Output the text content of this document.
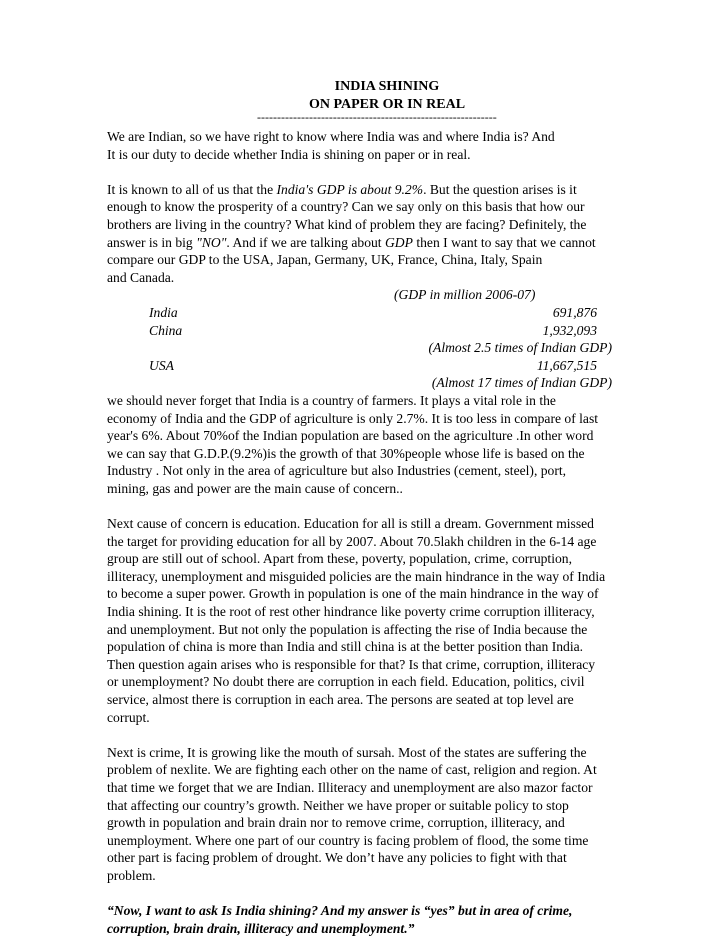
INDIA SHINING
ON PAPER OR IN REAL
------------------------------------------------------------
We are Indian, so we have right to know where India was and where India is? And
It is our duty to decide whether India is shining on paper or in real.
It is known to all of us that the India's GDP is about 9.2%. But the question arises is it
enough to know the prosperity of a country? Can we say only on this basis that how our
brothers are living in the country? What kind of problem they are facing? Definitely, the
answer is in big "NO". And if we are talking about GDP then I want to say that we cannot
compare our GDP to the USA, Japan, Germany, UK, France, China, Italy, Spain
and Canada.
(GDP in million 2006-07)
India	691,876
China	1,932,093
(Almost 2.5 times of Indian GDP)
USA	11,667,515
(Almost 17 times of Indian GDP)
we should never forget that India is a country of farmers. It plays a vital role in the
economy of India and the GDP of agriculture is only 2.7%. It is too less in compare of last
year's 6%. About 70%of the Indian population are based on the agriculture .In other word
we can say that G.D.P.(9.2%)is the growth of that 30%people whose life is based on the
Industry . Not only in the area of agriculture but also Industries (cement, steel), port,
mining, gas and power are the main cause of concern..
Next cause of concern is education. Education for all is still a dream. Government missed
the target for providing education for all by 2007. About 70.5lakh children in the 6-14 age
group are still out of school. Apart from these, poverty, population, crime, corruption,
illiteracy, unemployment and misguided policies are the main hindrance in the way of India
to become a super power. Growth in population is one of the main hindrance in the way of
India shining. It is the root of rest other hindrance like poverty crime corruption illiteracy,
and unemployment. But not only the population is affecting the rise of India because the
population of china is more than India and still china is at the better position than India.
Then question again arises who is responsible for that? Is that crime, corruption, illiteracy
or unemployment? No doubt there are corruption in each field. Education, politics, civil
service, almost there is corruption in each area. The persons are seated at top level are
corrupt.
Next is crime, It is growing like the mouth of sursah. Most of the states are suffering the
problem of nexlite. We are fighting each other on the name of cast, religion and region. At
that time we forget that we are Indian. Illiteracy and unemployment are also mazor factor
that affecting our country’s growth. Neither we have proper or suitable policy to stop
growth in population and brain drain nor to remove crime, corruption, illiteracy, and
unemployment. Where one part of our country is facing problem of flood, the some time
other part is facing problem of drought. We don’t have any policies to fight with that
problem.
“Now, I want to ask Is India shining? And my answer is “yes” but in area of crime,
corruption, brain drain, illiteracy and unemployment.”
